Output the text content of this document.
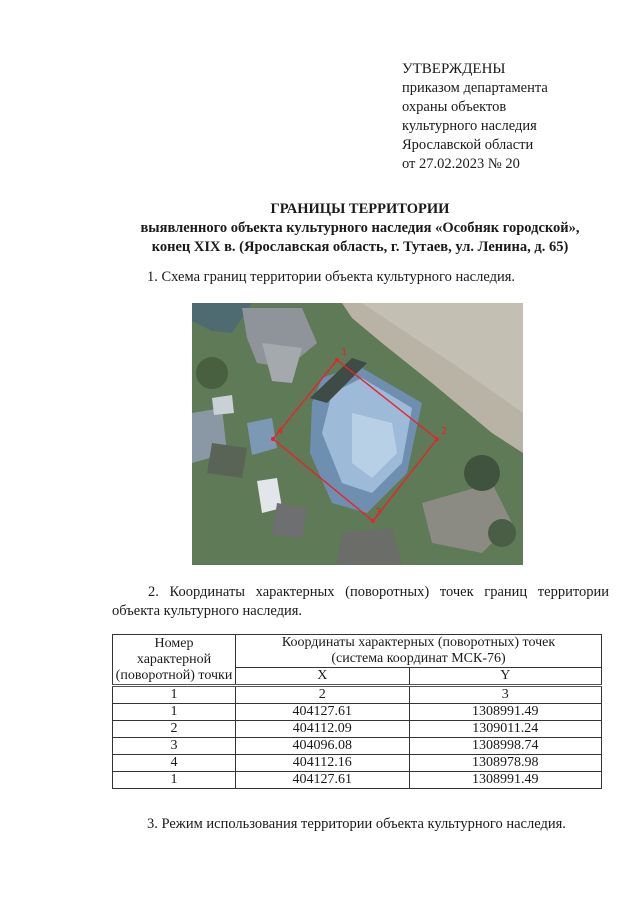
УТВЕРЖДЕНЫ
приказом департамента
охраны объектов
культурного наследия
Ярославской области
от 27.02.2023 № 20
ГРАНИЦЫ ТЕРРИТОРИИ
выявленного объекта культурного наследия «Особняк городской»,
конец XIX в. (Ярославская область, г. Тутаев, ул. Ленина, д. 65)
1. Схема границ территории объекта культурного наследия.
1
2
3
4
2. Координаты характерных (поворотных) точек границ территории
объекта культурного наследия.
Номер
характерной
(поворотной) точки

Координаты характерных (поворотных) точек
(система координат МСК-76)

	X	Y
1	2	3
1	404127.61	1308991.49
2	404112.09	1309011.24
3	404096.08	1308998.74
4	404112.16	1308978.98
1	404127.61	1308991.49
3. Режим использования территории объекта культурного наследия.
